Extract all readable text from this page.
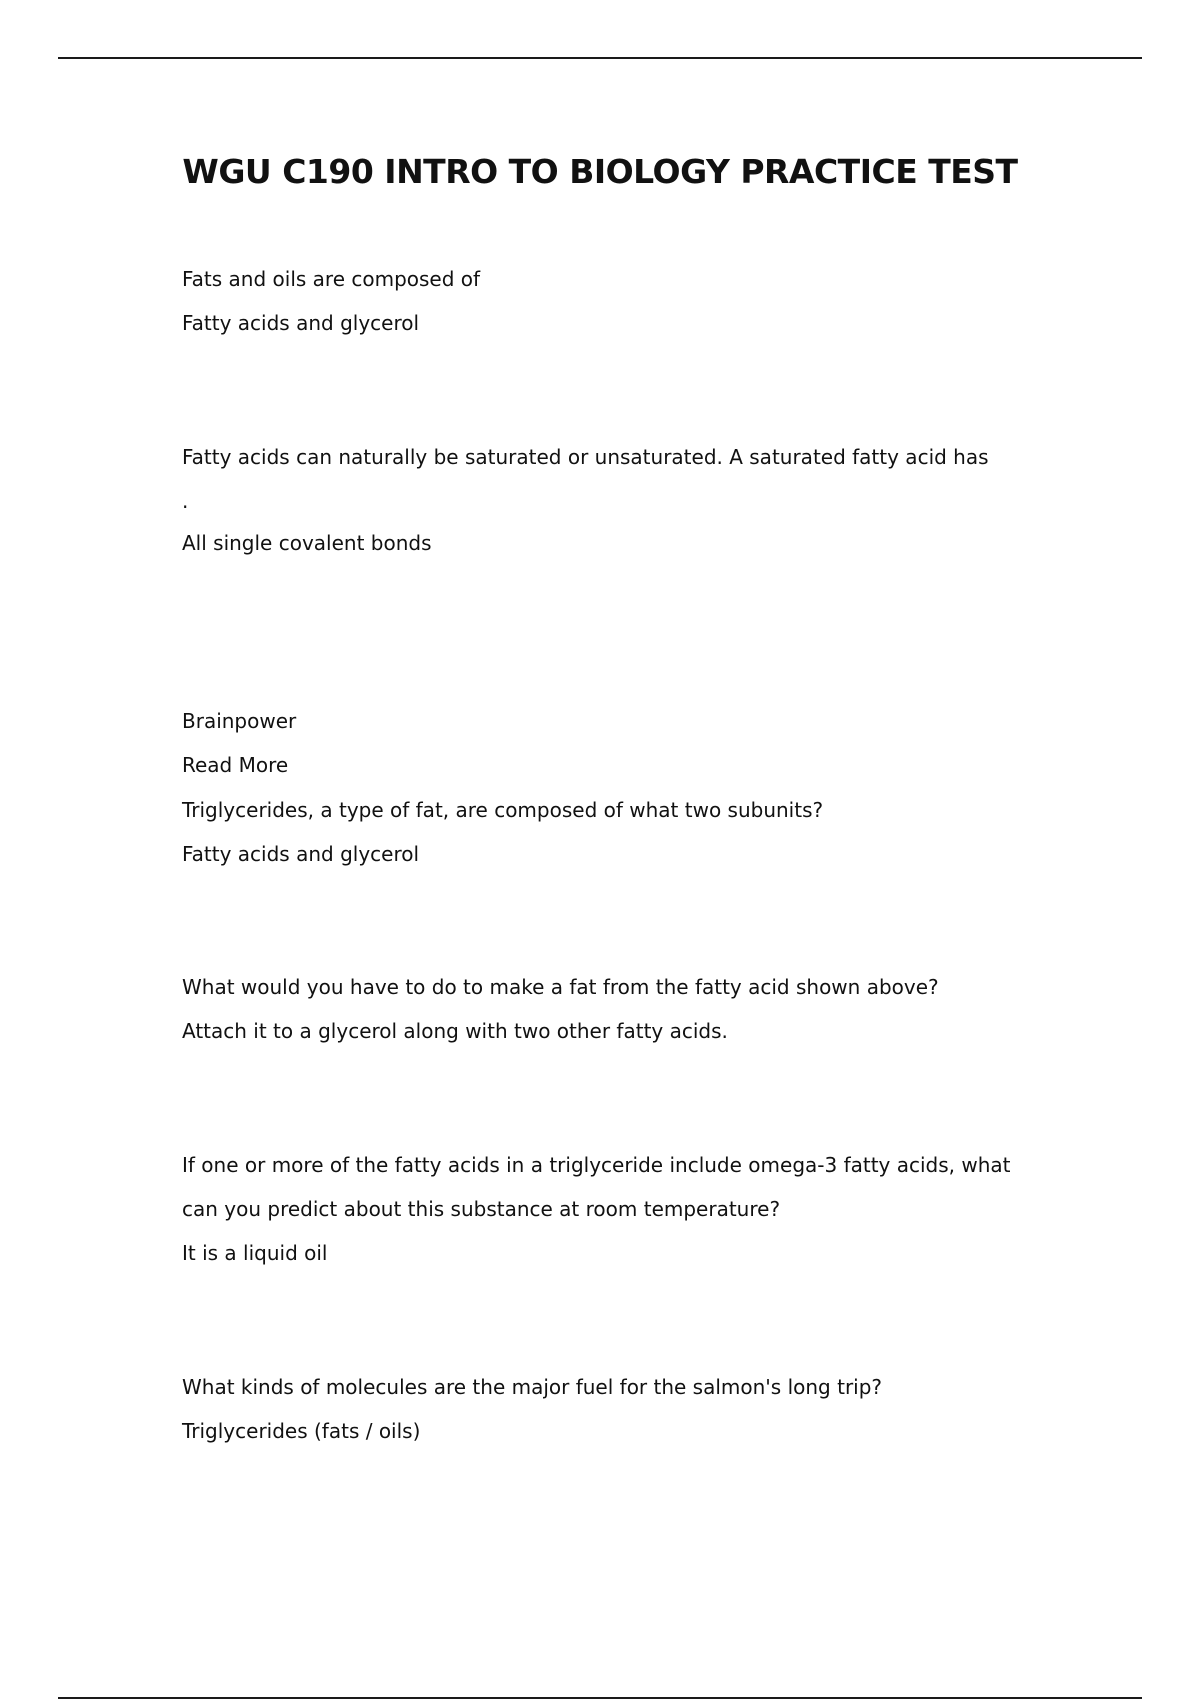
WGU C190 INTRO TO BIOLOGY PRACTICE TEST
Fats and oils are composed of
Fatty acids and glycerol
Fatty acids can naturally be saturated or unsaturated. A saturated fatty acid has
.
All single covalent bonds
Brainpower
Read More
Triglycerides, a type of fat, are composed of what two subunits?
Fatty acids and glycerol
What would you have to do to make a fat from the fatty acid shown above?
Attach it to a glycerol along with two other fatty acids.
If one or more of the fatty acids in a triglyceride include omega-3 fatty acids, what
can you predict about this substance at room temperature?
It is a liquid oil
What kinds of molecules are the major fuel for the salmon's long trip?
Triglycerides (fats / oils)
